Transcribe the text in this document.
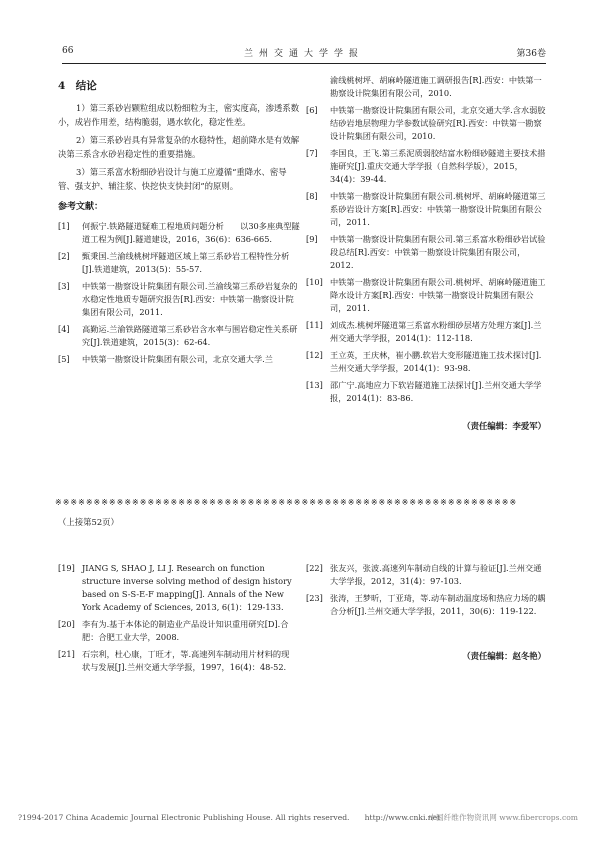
66	兰州交通大学学报	第36卷
4　结论

1）第三系砂岩颗粒组成以粉细粒为主，密实度高，渗透系数小，成岩作用差，结构脆弱，遇水软化，稳定性差。

2）第三系砂岩具有异常复杂的水稳特性，超前降水是有效解决第三系含水砂岩稳定性的重要措施。

3）第三系富水粉细砂岩设计与施工应遵循“重降水、密导管、强支护、辅注浆、快挖快支快封闭”的原则。

参考文献：
[1]	何振宁.铁路隧道疑难工程地质问题分析　　以30多座典型隧道工程为例[J].隧道建设，2016，36(6)：636-665.
[2]	甄秉国.兰渝线桃树坪隧道区域上第三系砂岩工程特性分析[J].铁道建筑，2013(5)：55-57.
[3]	中铁第一勘察设计院集团有限公司.兰渝线第三系砂岩复杂的水稳定性地质专题研究报告[R].西安：中铁第一勘察设计院集团有限公司，2011.
[4]	高勤运.兰渝铁路隧道第三系砂岩含水率与围岩稳定性关系研究[J].铁道建筑，2015(3)：62-64.
[5]	中铁第一勘察设计院集团有限公司，北京交通大学.兰
渝线桃树坪、胡麻岭隧道施工调研报告[R].西安：中铁第一勘察设计院集团有限公司，2010.
[6]	中铁第一勘察设计院集团有限公司，北京交通大学.含水弱胶结砂岩地层物理力学参数试验研究[R].西安：中铁第一勘察设计院集团有限公司，2010.
[7]	李国良，王飞.第三系泥质弱胶结富水粉细砂隧道主要技术措施研究[J].重庆交通大学学报（自然科学版），2015，34(4)：39-44.
[8]	中铁第一勘察设计院集团有限公司.桃树坪、胡麻岭隧道第三系砂岩设计方案[R].西安：中铁第一勘察设计院集团有限公司，2011.
[9]	中铁第一勘察设计院集团有限公司.第三系富水粉细砂岩试验段总结[R].西安：中铁第一勘察设计院集团有限公司，2012.
[10] 中铁第一勘察设计院集团有限公司.桃树坪、胡麻岭隧道施工降水设计方案[R].西安：中铁第一勘察设计院集团有限公司，2011.
[11] 刘成杰.桃树坪隧道第三系富水粉细砂层堵方处理方案[J].兰州交通大学学报，2014(1)：112-118.
[12] 王立英，王庆林，崔小鹏.软岩大变形隧道施工技术探讨[J].兰州交通大学学报，2014(1)：93-98.
[13] 邵广宁.高地应力下软岩隧道施工法探讨[J].兰州交通大学学报，2014(1)：83-86.
（责任编辑：李爱军）
※※※※※※※※※※※※※※※※※※※※※※※※※※※※※※※※※※※※※※※※※※※※※※※※※※※※※※※※※※※※
（上接第52页）
[19] JIANG S, SHAO J, LI J. Research on function structure inverse solving method of design history based on S-S-E-F mapping[J]. Annals of the New York Academy of Sciences, 2013, 6(1)：129-133.
[20] 李有为.基于本体论的制造业产品设计知识重用研究[D].合肥：合肥工业大学，2008.
[21] 石宗利，杜心康，丁旺才，等.高速列车制动用片材料的现状与发展[J].兰州交通大学学报，1997，16(4)：48-52.
[22] 张友兴，张波.高速列车制动自线的计算与验证[J].兰州交通大学学报，2012，31(4)：97-103.
[23] 张涛，王梦昕，丁亚琦，等.动车制动温度场和热应力场的耦合分析[J].兰州交通大学学报，2011，30(6)：119-122.
（责任编辑：赵冬艳）
?1994-2017 China Academic Journal Electronic Publishing House. All rights reserved.　　http://www.cnki.net
中国纤维作物资讯网 www.fibercrops.com
